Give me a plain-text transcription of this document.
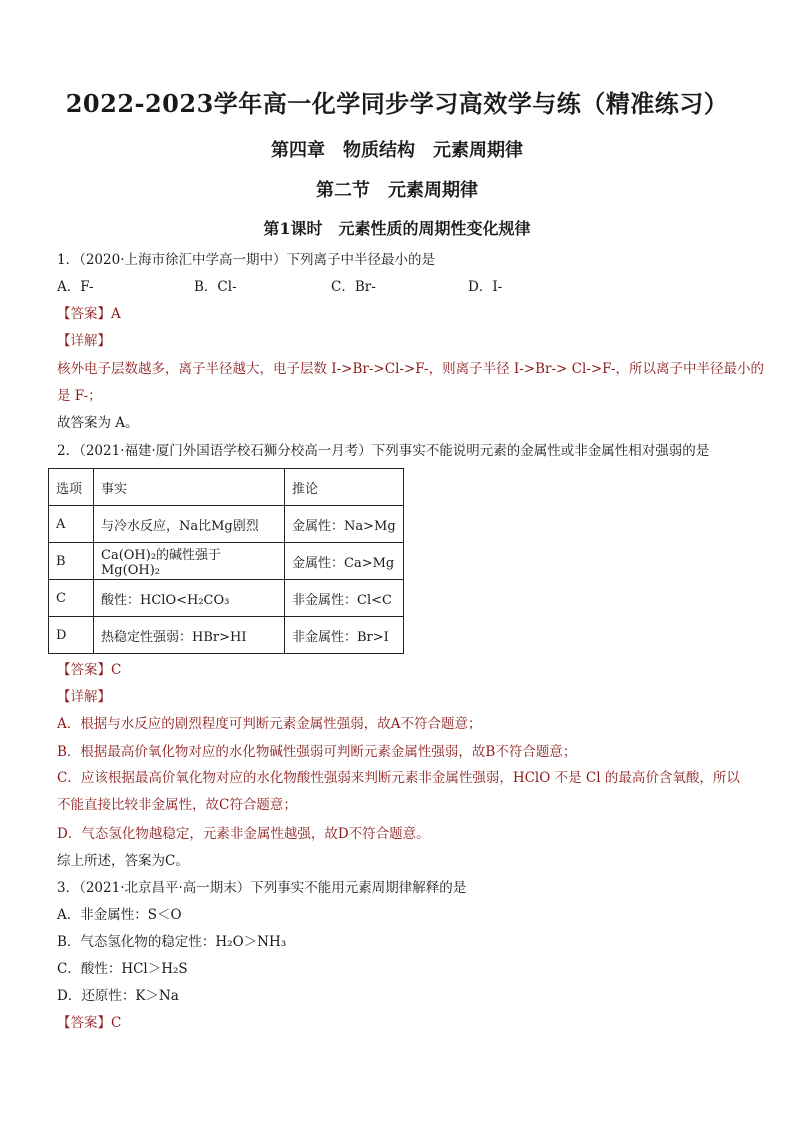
2022-2023学年高一化学同步学习高效学与练（精准练习）
第四章　物质结构　元素周期律
第二节　元素周期律
第1课时　元素性质的周期性变化规律
1．（2020·上海市徐汇中学高一期中）下列离子中半径最小的是
A．F-	B．Cl-	C．Br-	D．I-
【答案】A
【详解】
核外电子层数越多，离子半径越大，电子层数 I->Br->Cl->F-，则离子半径 I->Br-> Cl->F-，所以离子中半径最小的
是 F-；
故答案为 A。
2．（2021·福建·厦门外国语学校石狮分校高一月考）下列事实不能说明元素的金属性或非金属性相对强弱的是
选项	事实	推论
A	与冷水反应，Na比Mg剧烈	金属性：Na>Mg
B	Ca(OH)₂的碱性强于Mg(OH)₂	金属性：Ca>Mg
C	酸性：HClO<H₂CO₃	非金属性：Cl<C
D	热稳定性强弱：HBr>HI	非金属性：Br>I
【答案】C
【详解】
A．根据与水反应的剧烈程度可判断元素金属性强弱，故A不符合题意；
B．根据最高价氧化物对应的水化物碱性强弱可判断元素金属性强弱，故B不符合题意；
C．应该根据最高价氧化物对应的水化物酸性强弱来判断元素非金属性强弱，HClO 不是 Cl 的最高价含氧酸，所以不能直接比较非金属性，故C符合题意；
D．气态氢化物越稳定，元素非金属性越强，故D不符合题意。
综上所述，答案为C。
3．（2021·北京昌平·高一期末）下列事实不能用元素周期律解释的是
A．非金属性：S＜O
B．气态氢化物的稳定性：H₂O＞NH₃
C．酸性：HCl＞H₂S
D．还原性：K＞Na
【答案】C
